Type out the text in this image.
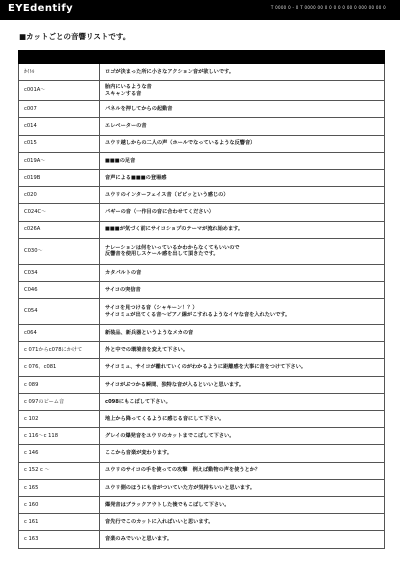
EYEdentify	T 0000 0 - 0 T 0000 00 0 0 0 0 0 00 0 000 00 00 0
■カットごとの音響リストです。

ｶｲﾄﾙ	ロゴが決まった所に小さなアクション音が欲しいです。
c001A～	胎内にいるような音
スキャンする音
c007	パネルを押してからの起動音
c014	エレベーターの音
c015	ユウリ越しからの二人の声（ホールでなっているような反響音）
c019A～	■■■の足音
c019B	音声による■■■の登場感
c020	ユウリのインターフェイス音（ピピッという感じの）
C024C～	パギーの音（一作目の音に合わせてください）
c026A	■■■が気づく前にサイコショプのテーマが流れ始めます。
C030～	ナレーションは何をいっているかわからなくてもいいので
反響音を使用しスケール感を出して頂きたです。
C034	カタパルトの音
C046	サイコの突信音
C054	サイコを見つける音（シャキーン！？）
サイコミュが出てくる音～ピアノ線がこすれるようなイヤな音を入れたいです。
c064	新装品、新兵器というようなメカの音
c 071からc078にかけて	外と中での環境音を変えて下さい。
c 076、c081	サイコミュ、サイコが離れていくのがわかるように距離感を大事に音をつけて下さい。
c 089	サイコがぶつかる瞬間、独特な音が入るといいと思います。
c 097のビーム音	c098にもこぼして下さい。
c 102	地上から降ってくるように感じる音にして下さい。
c 116～c 118	グレイの爆発音をユウリのカットまでこぼして下さい。
c 146	ここから音楽が変わります。
c 152 c ～	ユウリのサイコの手を使っての攻撃　例えば動物の声を使うとか？
c 165	ユウリ側のほうにも音がついていた方が気持ちいいと思います。
c 160	爆発音はブラックアウトした後でもこぼして下さい。
c 161	音先行でこのカットに入ればいいと思います。
c 163	音楽のみでいいと思います。
